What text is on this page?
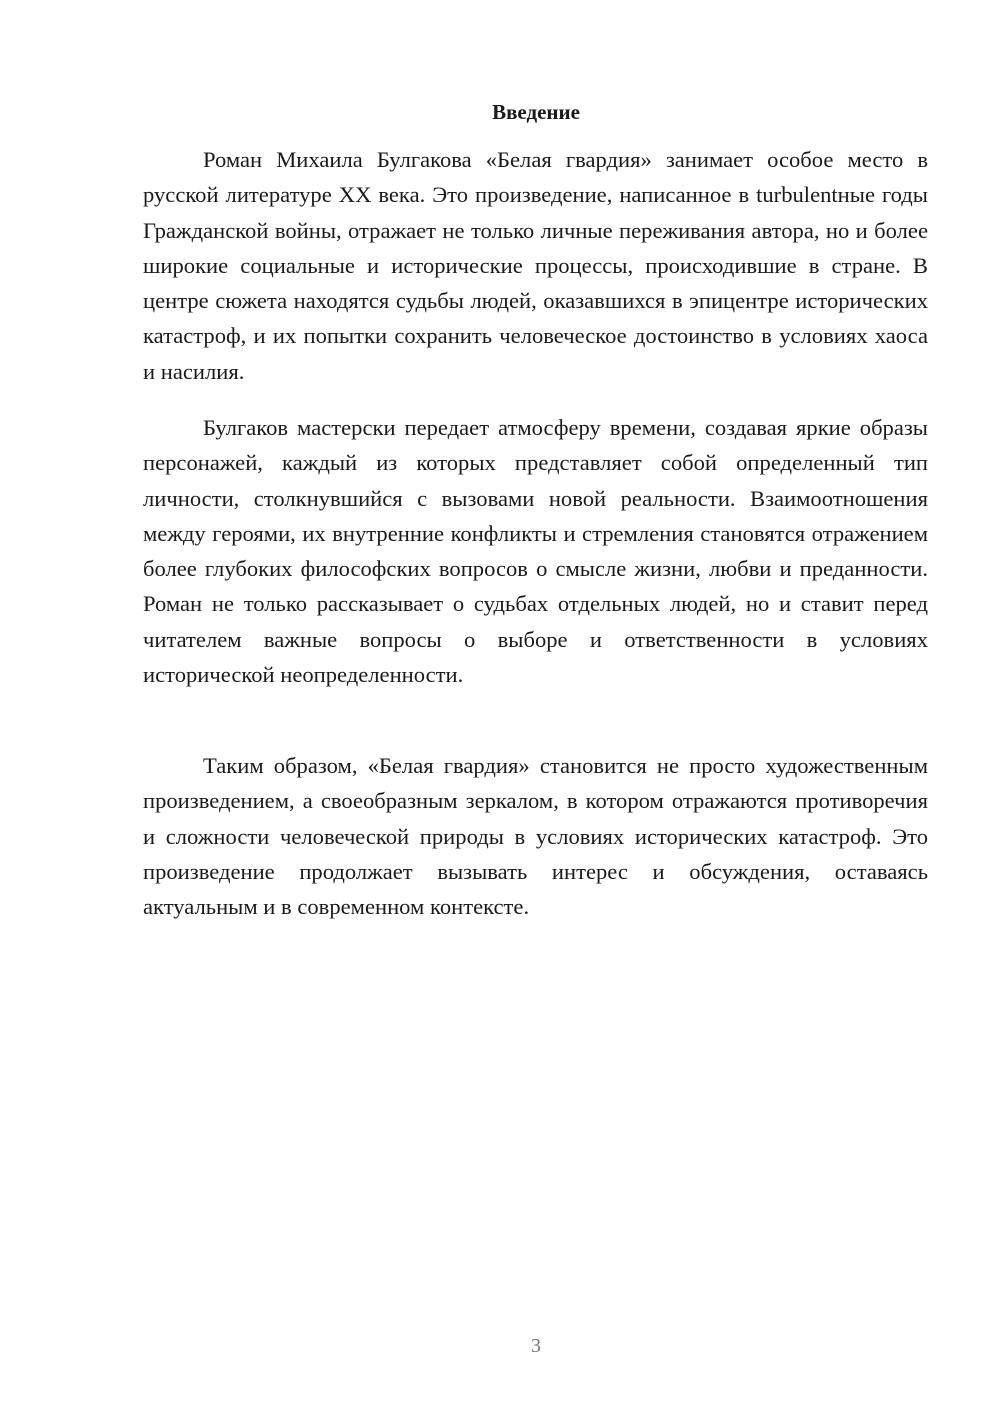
Введение

Роман Михаила Булгакова «Белая гвардия» занимает особое место в русской литературе XX века. Это произведение, написанное в turbulentные годы Гражданской войны, отражает не только личные переживания автора, но и более широкие социальные и исторические процессы, происходившие в стране. В центре сюжета находятся судьбы людей, оказавшихся в эпицентре исторических катастроф, и их попытки сохранить человеческое достоинство в условиях хаоса и насилия.

Булгаков мастерски передает атмосферу времени, создавая яркие образы персонажей, каждый из которых представляет собой определенный тип личности, столкнувшийся с вызовами новой реальности. Взаимоотношения между героями, их внутренние конфликты и стремления становятся отражением более глубоких философских вопросов о смысле жизни, любви и преданности. Роман не только рассказывает о судьбах отдельных людей, но и ставит перед читателем важные вопросы о выборе и ответственности в условиях исторической неопределенности.

Таким образом, «Белая гвардия» становится не просто художественным произведением, а своеобразным зеркалом, в котором отражаются противоречия и сложности человеческой природы в условиях исторических катастроф. Это произведение продолжает вызывать интерес и обсуждения, оставаясь актуальным и в современном контексте.

3
